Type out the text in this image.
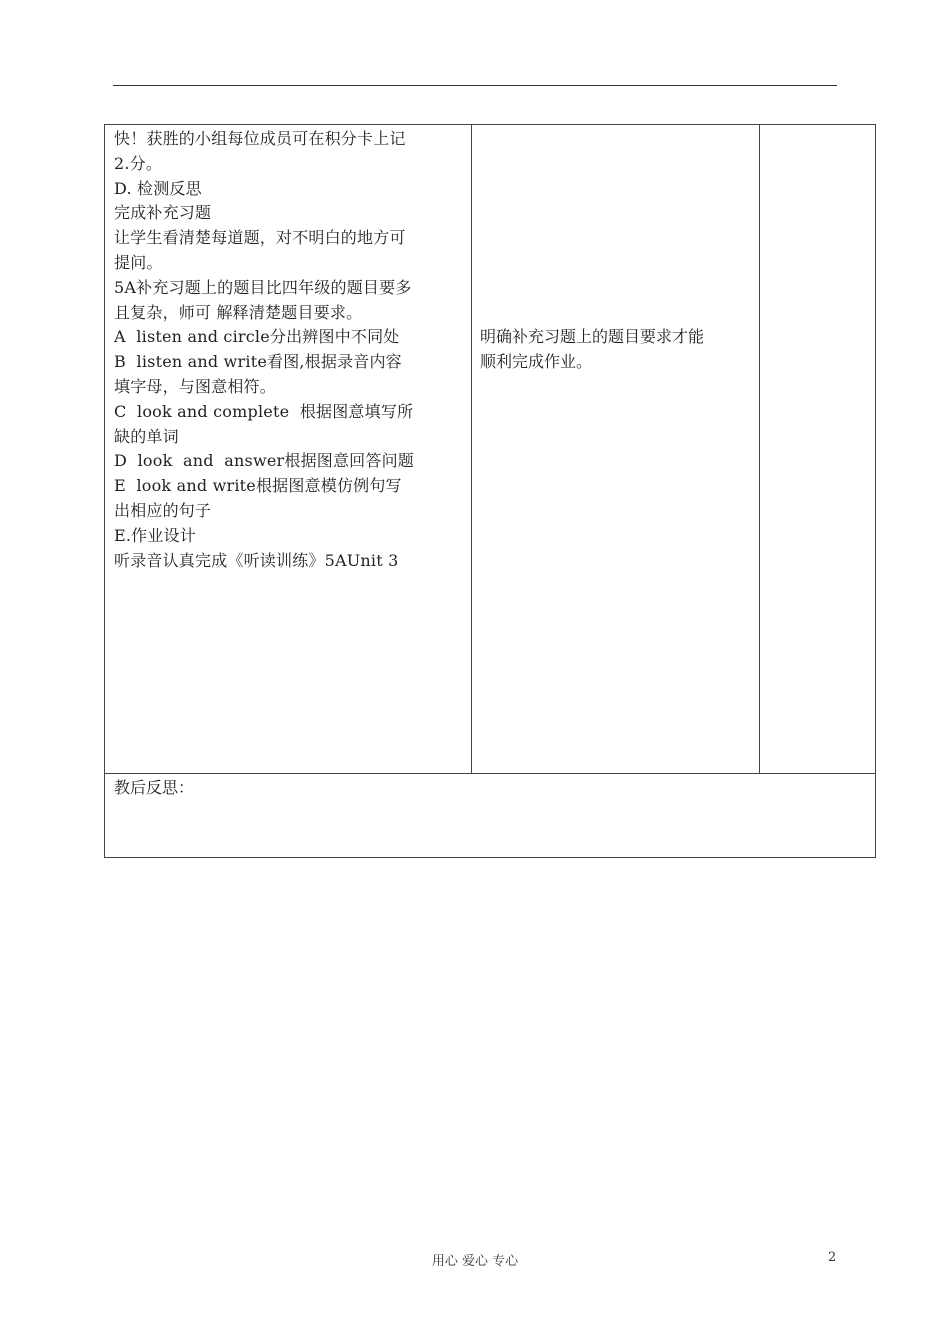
快！获胜的小组每位成员可在积分卡上记
2.分。
D. 检测反思
完成补充习题
让学生看清楚每道题，对不明白的地方可
提问。
5A补充习题上的题目比四年级的题目要多
且复杂，师可 解释清楚题目要求。
A  listen and circle分出辨图中不同处
B  listen and write看图,根据录音内容
填字母，与图意相符。
C  look and complete  根据图意填写所
缺的单词
D  look  and  answer根据图意回答问题
E  look and write根据图意模仿例句写
出相应的句子
E.作业设计
听录音认真完成《听读训练》5AUnit 3

明确补充习题上的题目要求才能
顺利完成作业。

教后反思：
用心 爱心 专心	2
